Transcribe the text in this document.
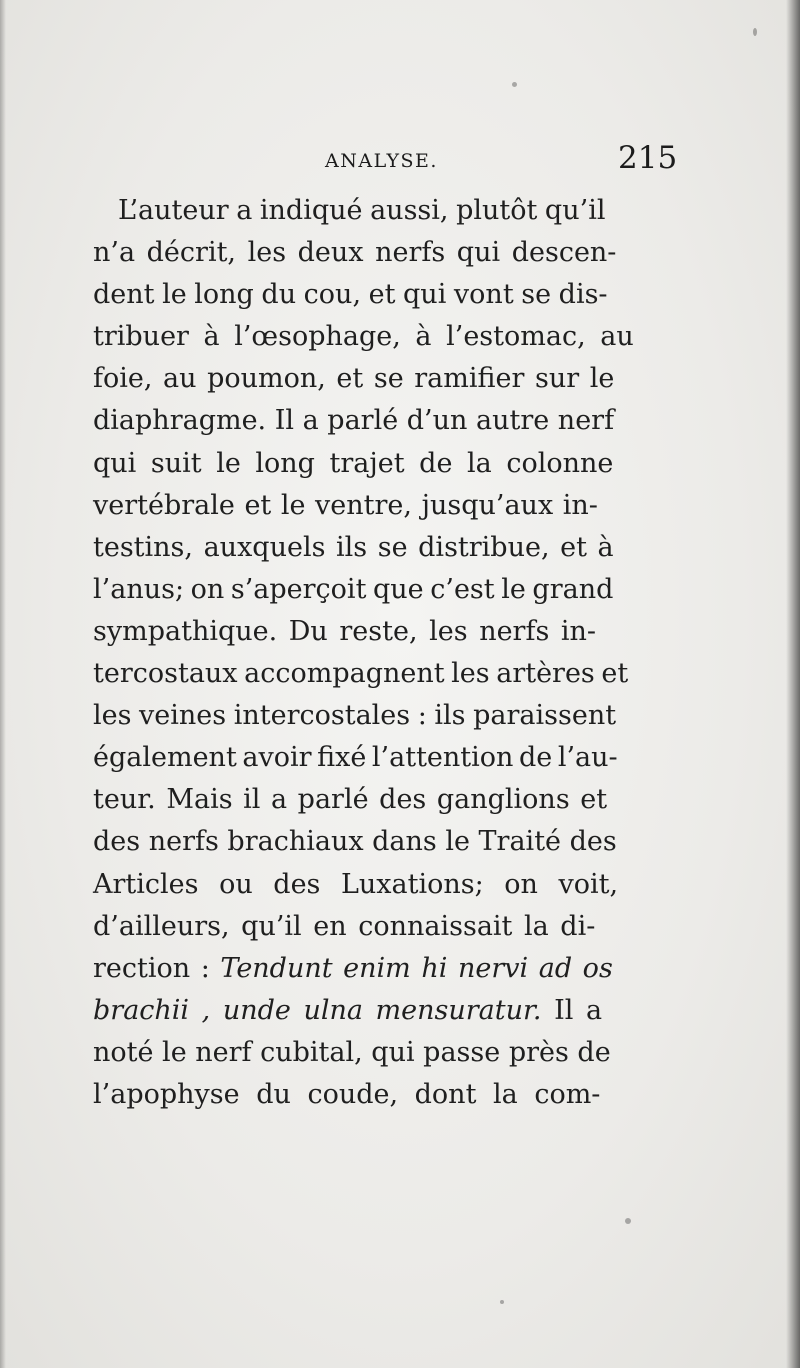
ANALYSE.	215
L’auteur a indiqué aussi, plutôt qu’il
n’a décrit, les deux nerfs qui descen-
dent le long du cou, et qui vont se dis-
tribuer à l’œsophage, à l’estomac, au
foie, au poumon, et se ramifier sur le
diaphragme. Il a parlé d’un autre nerf
qui suit le long trajet de la colonne
vertébrale et le ventre, jusqu’aux in-
testins, auxquels ils se distribue, et à
l’anus; on s’aperçoit que c’est le grand
sympathique. Du reste, les nerfs in-
tercostaux accompagnent les artères et
les veines intercostales : ils paraissent
également avoir fixé l’attention de l’au-
teur. Mais il a parlé des ganglions et
des nerfs brachiaux dans le Traité des
Articles ou des Luxations; on voit,
d’ailleurs, qu’il en connaissait la di-
rection : Tendunt enim hi nervi ad os
brachii , unde ulna mensuratur. Il a
noté le nerf cubital, qui passe près de
l’apophyse du coude, dont la com-
